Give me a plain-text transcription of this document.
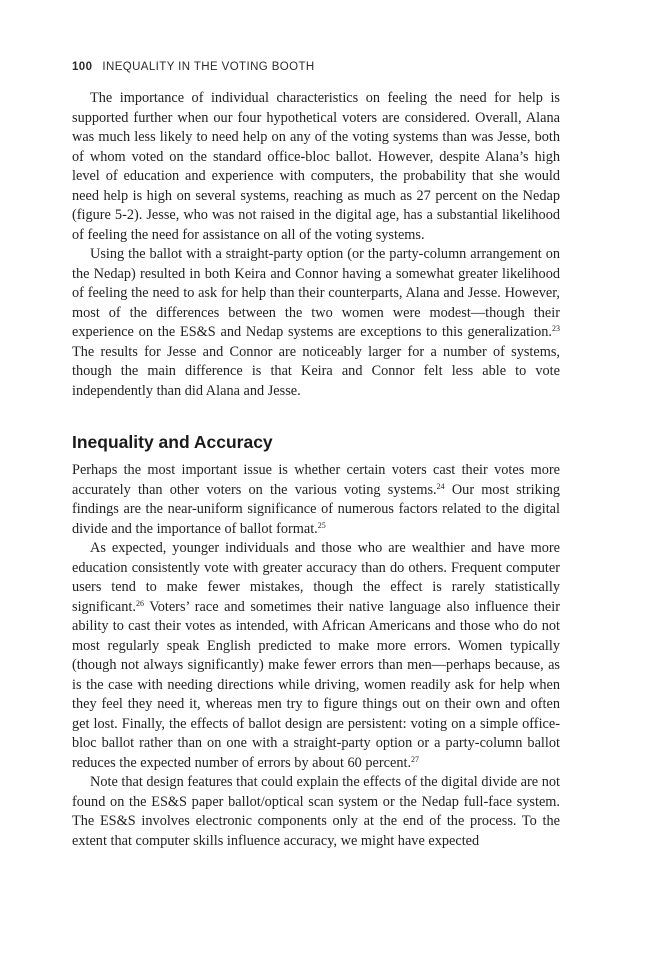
100 INEQUALITY IN THE VOTING BOOTH

The importance of individual characteristics on feeling the need for help is supported further when our four hypothetical voters are considered. Overall, Alana was much less likely to need help on any of the voting systems than was Jesse, both of whom voted on the standard office-bloc ballot. However, despite Alana’s high level of education and experience with computers, the probability that she would need help is high on several systems, reaching as much as 27 percent on the Nedap (figure 5-2). Jesse, who was not raised in the digital age, has a substantial likelihood of feeling the need for assistance on all of the voting systems.

Using the ballot with a straight-party option (or the party-column arrangement on the Nedap) resulted in both Keira and Connor having a somewhat greater likelihood of feeling the need to ask for help than their counterparts, Alana and Jesse. However, most of the differences between the two women were modest—though their experience on the ES&S and Nedap systems are exceptions to this generalization.$^{23}$ The results for Jesse and Connor are noticeably larger for a number of systems, though the main difference is that Keira and Connor felt less able to vote independently than did Alana and Jesse.

Inequality and Accuracy

Perhaps the most important issue is whether certain voters cast their votes more accurately than other voters on the various voting systems.$^{24}$ Our most striking findings are the near-uniform significance of numerous factors related to the digital divide and the importance of ballot format.$^{25}$

As expected, younger individuals and those who are wealthier and have more education consistently vote with greater accuracy than do others. Frequent computer users tend to make fewer mistakes, though the effect is rarely statistically significant.$^{26}$ Voters’ race and sometimes their native language also influence their ability to cast their votes as intended, with African Americans and those who do not most regularly speak English predicted to make more errors. Women typically (though not always significantly) make fewer errors than men—perhaps because, as is the case with needing directions while driving, women readily ask for help when they feel they need it, whereas men try to figure things out on their own and often get lost. Finally, the effects of ballot design are persistent: voting on a simple office-bloc ballot rather than on one with a straight-party option or a party-column ballot reduces the expected number of errors by about 60 percent.$^{27}$

Note that design features that could explain the effects of the digital divide are not found on the ES&S paper ballot/optical scan system or the Nedap full-face system. The ES&S involves electronic components only at the end of the process. To the extent that computer skills influence accuracy, we might have expected
